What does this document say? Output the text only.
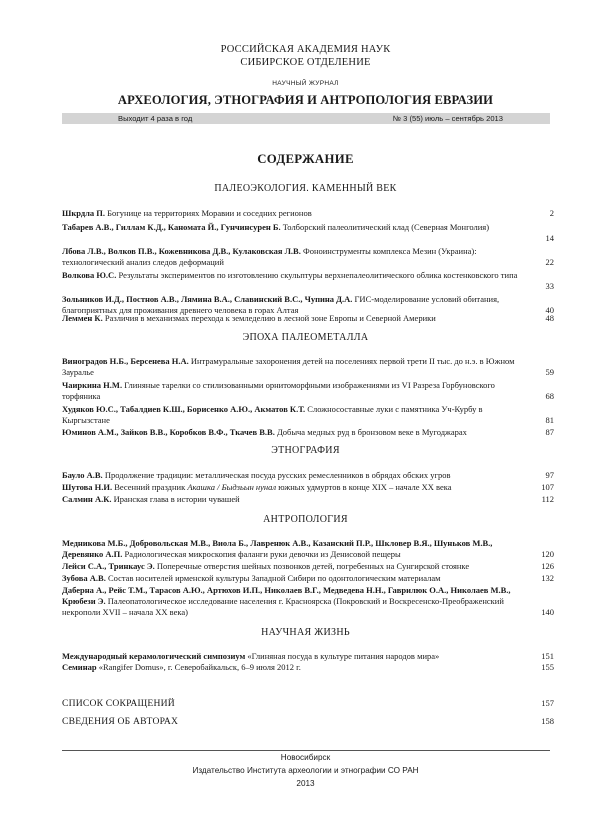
РОССИЙСКАЯ АКАДЕМИЯ НАУК
СИБИРСКОЕ ОТДЕЛЕНИЕ
НАУЧНЫЙ ЖУРНАЛ
АРХЕОЛОГИЯ, ЭТНОГРАФИЯ И АНТРОПОЛОГИЯ ЕВРАЗИИ
Выходит 4 раза в год	№ 3 (55) июль – сентябрь 2013
СОДЕРЖАНИЕ
ПАЛЕОЭКОЛОГИЯ. КАМЕННЫЙ ВЕК
Шкрдла П. Богунице на территориях Моравии и соседних регионов	2
Табарев А.В., Гиллам К.Д., Каномата Й., Гунчинсурен Б. Толборский палеолитический клад (Северная Монголия)
14
Лбова Л.В., Волков П.В., Кожевникова Д.В., Кулаковская Л.В. Фоноинструменты комплекса Мезин (Украина): технологический анализ следов деформаций	22
Волкова Ю.С. Результаты экспериментов по изготовлению скульптуры верхнепалеолитического облика костенковского типа
33
Зольников И.Д., Постнов А.В., Лямина В.А., Славинский В.С., Чупина Д.А. ГИС-моделирование условий обитания, благоприятных для проживания древнего человека в горах Алтая	40
Леммен К. Различия в механизмах перехода к земледелию в лесной зоне Европы и Северной Америки	48
ЭПОХА ПАЛЕОМЕТАЛЛА
Виноградов Н.Б., Берсенева Н.А. Интрамуральные захоронения детей на поселениях первой трети II тыс. до н.э. в Южном Зауралье	59
Чаиркина Н.М. Глиняные тарелки со стилизованными орнитоморфными изображениями из VI Разреза Горбуновского торфяника	68
Худяков Ю.С., Табалдиев К.Ш., Борисенко А.Ю., Акматов К.Т. Сложносоставные луки с памятника Уч-Курбу в Кыргызстане	81
Юминов А.М., Зайков В.В., Коробков В.Ф., Ткачев В.В. Добыча медных руд в бронзовом веке в Мугоджарах	87
ЭТНОГРАФИЯ
Бауло А.В. Продолжение традиции: металлическая посуда русских ремесленников в обрядах обских угров	97
Шутова Н.И. Весенний праздник Акашка / Быдзьын нунал южных удмуртов в конце XIX – начале XX века	107
Салмин А.К. Иранская глава в истории чувашей	112
АНТРОПОЛОГИЯ
Медникова М.Б., Добровольская М.В., Виола Б., Лавренюк А.В., Казанский П.Р., Шкловер В.Я., Шуньков М.В., Деревянко А.П. Радиологическая микроскопия фаланги руки девочки из Денисовой пещеры	120
Лейси С.А., Тринкаус Э. Поперечные отверстия шейных позвонков детей, погребенных на Сунгирской стоянке	126
Зубова А.В. Состав носителей ирменской культуры Западной Сибири по одонтологическим материалам	132
Даберна А., Рейс Т.М., Тарасов А.Ю., Артюхов И.П., Николаев В.Г., Медведева Н.Н., Гаврилюк О.А., Николаев М.В., Крюбези Э. Палеопатологическое исследование населения г. Красноярска (Покровский и Воскресенско-Преображенский некрополи XVII – начала XX века)	140
НАУЧНАЯ ЖИЗНЬ
Международный керамологический симпозиум «Глиняная посуда в культуре питания народов мира»	151
Семинар «Rangifer Domus», г. Северобайкальск, 6–9 июля 2012 г.	155
СПИСОК СОКРАЩЕНИЙ	157
СВЕДЕНИЯ ОБ АВТОРАХ	158
Новосибирск
Издательство Института археологии и этнографии СО РАН
2013
